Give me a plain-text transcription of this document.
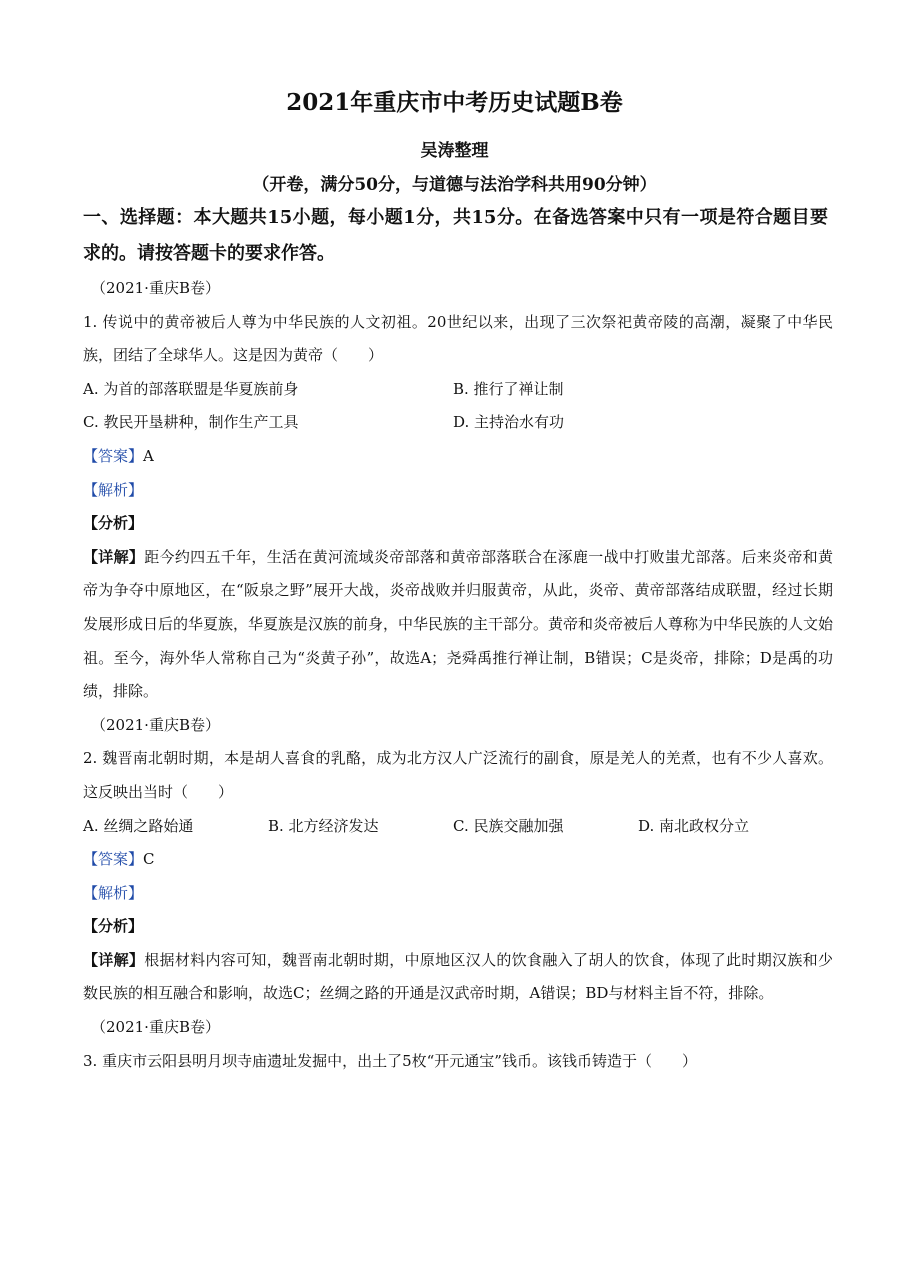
2021年重庆市中考历史试题B卷
吴涛整理
（开卷，满分50分，与道德与法治学科共用90分钟）
一、选择题：本大题共15小题，每小题1分，共15分。在备选答案中只有一项是符合题目要求的。请按答题卡的要求作答。

（2021·重庆B卷）

1. 传说中的黄帝被后人尊为中华民族的人文初祖。20世纪以来，出现了三次祭祀黄帝陵的高潮，凝聚了中华民族，团结了全球华人。这是因为黄帝（　　）

A. 为首的部落联盟是华夏族前身	B. 推行了禅让制
C. 教民开垦耕种，制作生产工具	D. 主持治水有功

【答案】A

【解析】

【分析】

【详解】距今约四五千年，生活在黄河流域炎帝部落和黄帝部落联合在涿鹿一战中打败蚩尤部落。后来炎帝和黄帝为争夺中原地区，在“阪泉之野”展开大战，炎帝战败并归服黄帝，从此，炎帝、黄帝部落结成联盟，经过长期发展形成日后的华夏族，华夏族是汉族的前身，中华民族的主干部分。黄帝和炎帝被后人尊称为中华民族的人文始祖。至今，海外华人常称自己为“炎黄子孙”，故选A；尧舜禹推行禅让制，B错误；C是炎帝，排除；D是禹的功绩，排除。

（2021·重庆B卷）

2. 魏晋南北朝时期，本是胡人喜食的乳酪，成为北方汉人广泛流行的副食，原是羌人的羌煮，也有不少人喜欢。这反映出当时（　　）

A. 丝绸之路始通	B. 北方经济发达	C. 民族交融加强	D. 南北政权分立

【答案】C

【解析】

【分析】

【详解】根据材料内容可知，魏晋南北朝时期，中原地区汉人的饮食融入了胡人的饮食，体现了此时期汉族和少数民族的相互融合和影响，故选C；丝绸之路的开通是汉武帝时期，A错误；BD与材料主旨不符，排除。

（2021·重庆B卷）

3. 重庆市云阳县明月坝寺庙遗址发掘中，出土了5枚“开元通宝”钱币。该钱币铸造于（　　）
